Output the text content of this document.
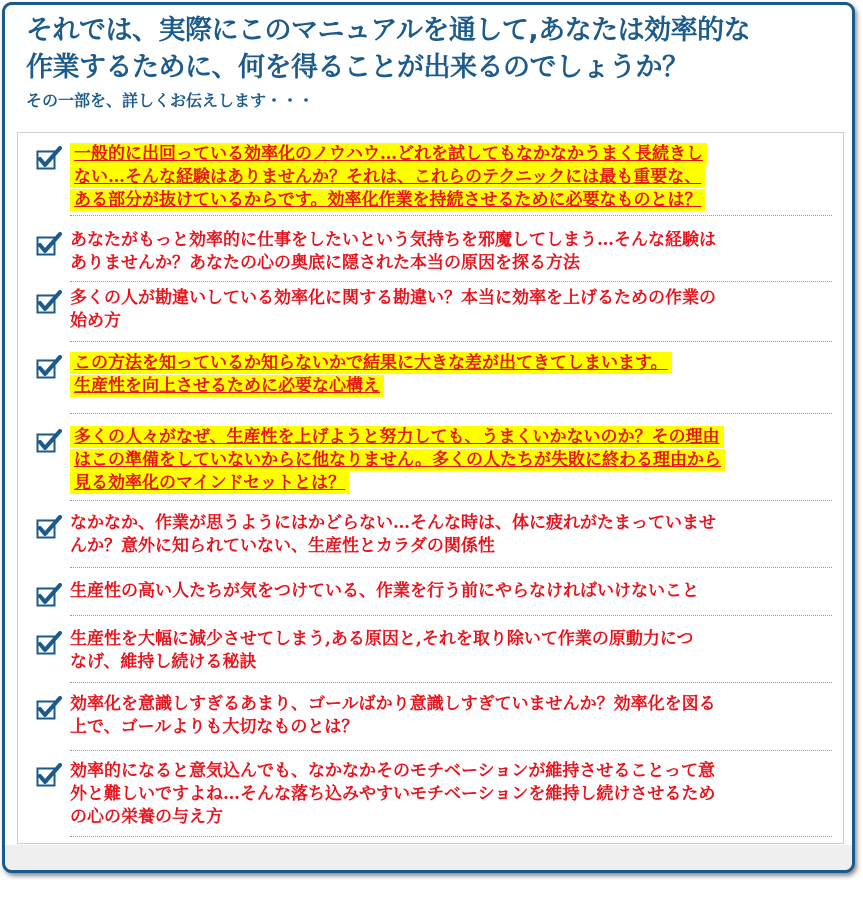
それでは、実際にこのマニュアルを通して,あなたは効率的な
作業するために、何を得ることが出来るのでしょうか？
その一部を、詳しくお伝えします・・・
一般的に出回っている効率化のノウハウ…どれを試してもなかなかうまく長続きし
ない…そんな経験はありませんか？それは、これらのテクニックには最も重要な、
ある部分が抜けているからです。効率化作業を持続させるために必要なものとは？
あなたがもっと効率的に仕事をしたいという気持ちを邪魔してしまう…そんな経験は
ありませんか？あなたの心の奥底に隠された本当の原因を探る方法
多くの人が勘違いしている効率化に関する勘違い？本当に効率を上げるための作業の
始め方
この方法を知っているか知らないかで結果に大きな差が出てきてしまいます。
生産性を向上させるために必要な心構え
多くの人々がなぜ、生産性を上げようと努力しても、うまくいかないのか？その理由
はこの準備をしていないからに他なりません。多くの人たちが失敗に終わる理由から
見る効率化のマインドセットとは？
なかなか、作業が思うようにはかどらない…そんな時は、体に疲れがたまっていませ
んか？意外に知られていない、生産性とカラダの関係性
生産性の高い人たちが気をつけている、作業を行う前にやらなければいけないこと
生産性を大幅に減少させてしまう,ある原因と,それを取り除いて作業の原動力につ
なげ、維持し続ける秘訣
効率化を意識しすぎるあまり、ゴールばかり意識しすぎていませんか？効率化を図る
上で、ゴールよりも大切なものとは？
効率的になると意気込んでも、なかなかそのモチベーションが維持させることって意
外と難しいですよね…そんな落ち込みやすいモチベーションを維持し続けさせるため
の心の栄養の与え方
